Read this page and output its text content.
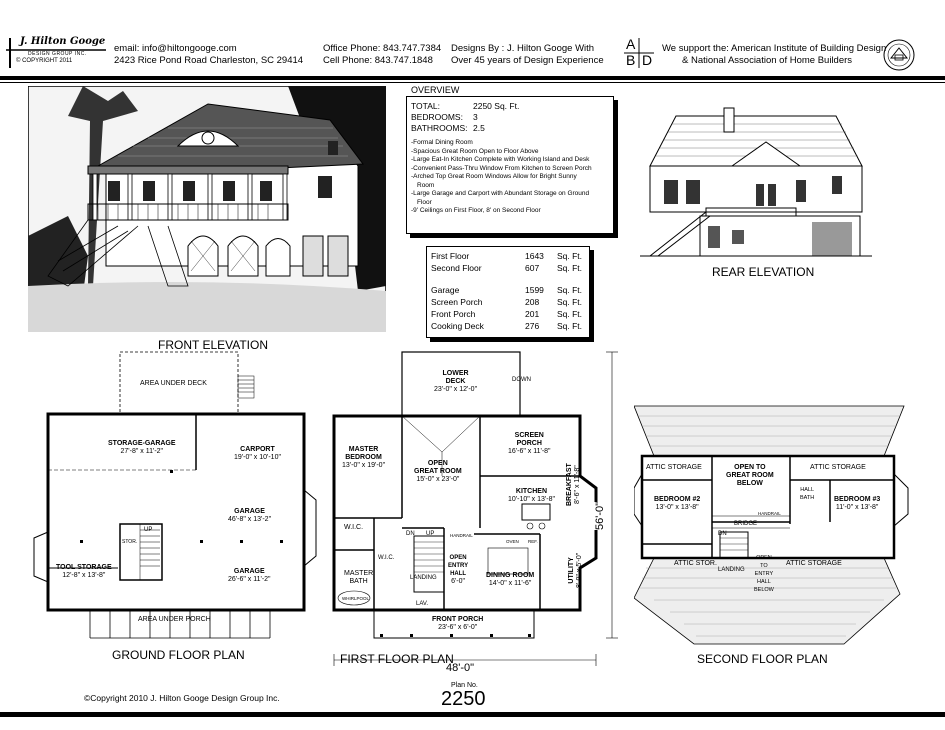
J. Hilton Googe
DESIGN GROUP INC.
© COPYRIGHT 2011
email: info@hiltongooge.com
2423 Rice Pond Road Charleston, SC 29414
Office Phone: 843.747.7384
Cell Phone: 843.747.1848
Designs By : J. Hilton Googe With
Over 45 years of Design Experience
A
B D
We support the: American Institute of Building Design
& National Association of Home Builders
FRONT ELEVATION
OVERVIEW
TOTAL:	2250 Sq. Ft.
BEDROOMS: 3
BATHROOMS: 2.5
-Formal Dining Room
-Spacious Great Room Open to Floor Above
-Large Eat-In Kitchen Complete with Working Island and Desk
-Convenient Pass-Thru Window From Kitchen to Screen Porch
-Arched Top Great Room Windows Allow for Bright Sunny
Room
-Large Garage and Carport with Abundant Storage on Ground
Floor
-9' Ceilings on First Floor, 8' on Second Floor
First Floor	1643 Sq. Ft.
Second Floor	607 Sq. Ft.
Garage	1599 Sq. Ft.
Screen Porch	208 Sq. Ft.
Front Porch	201 Sq. Ft.
Cooking Deck	276 Sq. Ft.
REAR ELEVATION
AREA UNDER DECK
STORAGE-GARAGE
27'-8" x 11'-2"	CARPORT
19'-0" x 10'-10"
GARAGE
46'-8" x 13'-2"
GARAGE
26'-6" x 11'-2"
TOOL STORAGE
12'-8" x 13'-8"
UP
STOR.
AREA UNDER PORCH
GROUND FLOOR PLAN
LOWER
DECK
23'-0" x 12'-0"
DOWN
MASTER
BEDROOM
13'-0" x 19'-0"	OPEN
GREAT ROOM
15'-0" x 23'-0"
SCREEN
PORCH
16'-6" x 11'-8"
KITCHEN
10'-10" x 13'-8" BREAKFAST
8'-6" x 11'-8"
W.I.C.
W.I.C.
DN UP
MASTER
BATH	LANDING
OPEN
ENTRY
HALL
6'-0"
DINING ROOM
14'-0" x 11'-6"	UTILITY
8'-0" x 5'-0"
LAV.
WHIRLPOOL
HANDRAIL
OVEN REF.
FRONT PORCH
23'-6" x 6'-0"
48'-0"
56'-0"
FIRST FLOOR PLAN
ATTIC STORAGE	OPEN TO
GREAT ROOM
BELOW
ATTIC STORAGE
BEDROOM #2
13'-0" x 13'-8"
HALL
BATH	BEDROOM #3
11'-0" x 13'-8"
BRIDGE
HANDRAIL
DN
ATTIC STOR.
LANDING
OPEN
TO
ENTRY
HALL
BELOW
ATTIC STORAGE
SECOND FLOOR PLAN
©Copyright 2010 J. Hilton Googe Design Group Inc.
Plan No.
2250
